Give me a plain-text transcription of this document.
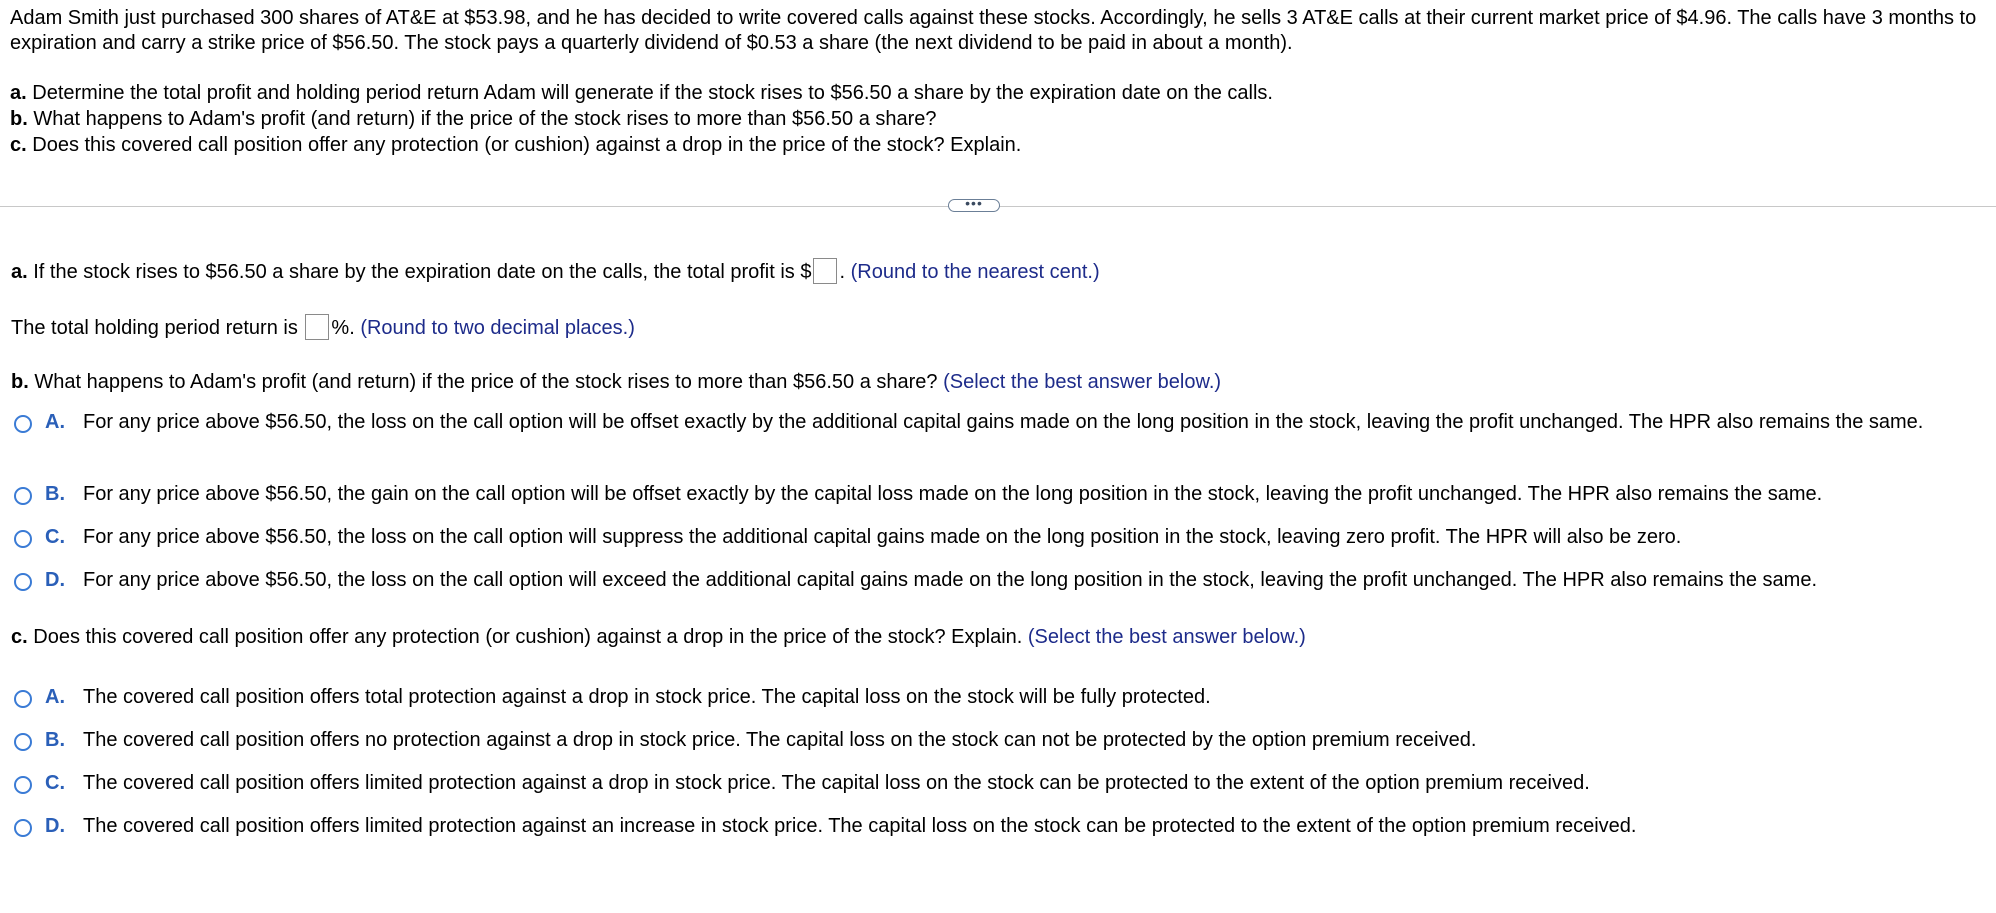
Adam Smith just purchased 300 shares of AT&E at $53.98, and he has decided to write covered calls against these stocks. Accordingly, he sells 3 AT&E calls at their current market price of $4.96. The calls have 3 months to expiration and carry a strike price of $56.50. The stock pays a quarterly dividend of $0.53 a share (the next dividend to be paid in about a month).

a. Determine the total profit and holding period return Adam will generate if the stock rises to $56.50 a share by the expiration date on the calls.
b. What happens to Adam's profit (and return) if the price of the stock rises to more than $56.50 a share?
c. Does this covered call position offer any protection (or cushion) against a drop in the price of the stock? Explain.
•••
a. If the stock rises to $56.50 a share by the expiration date on the calls, the total profit is $ . (Round to the nearest cent.)
The total holding period return is %. (Round to two decimal places.)
b. What happens to Adam's profit (and return) if the price of the stock rises to more than $56.50 a share? (Select the best answer below.)
A. For any price above $56.50, the loss on the call option will be offset exactly by the additional capital gains made on the long position in the stock, leaving the profit unchanged. The HPR also remains the same.
B. For any price above $56.50, the gain on the call option will be offset exactly by the capital loss made on the long position in the stock, leaving the profit unchanged. The HPR also remains the same.
C. For any price above $56.50, the loss on the call option will suppress the additional capital gains made on the long position in the stock, leaving zero profit. The HPR will also be zero.
D. For any price above $56.50, the loss on the call option will exceed the additional capital gains made on the long position in the stock, leaving the profit unchanged. The HPR also remains the same.
c. Does this covered call position offer any protection (or cushion) against a drop in the price of the stock? Explain. (Select the best answer below.)
A. The covered call position offers total protection against a drop in stock price. The capital loss on the stock will be fully protected.
B. The covered call position offers no protection against a drop in stock price. The capital loss on the stock can not be protected by the option premium received.
C. The covered call position offers limited protection against a drop in stock price. The capital loss on the stock can be protected to the extent of the option premium received.
D. The covered call position offers limited protection against an increase in stock price. The capital loss on the stock can be protected to the extent of the option premium received.
